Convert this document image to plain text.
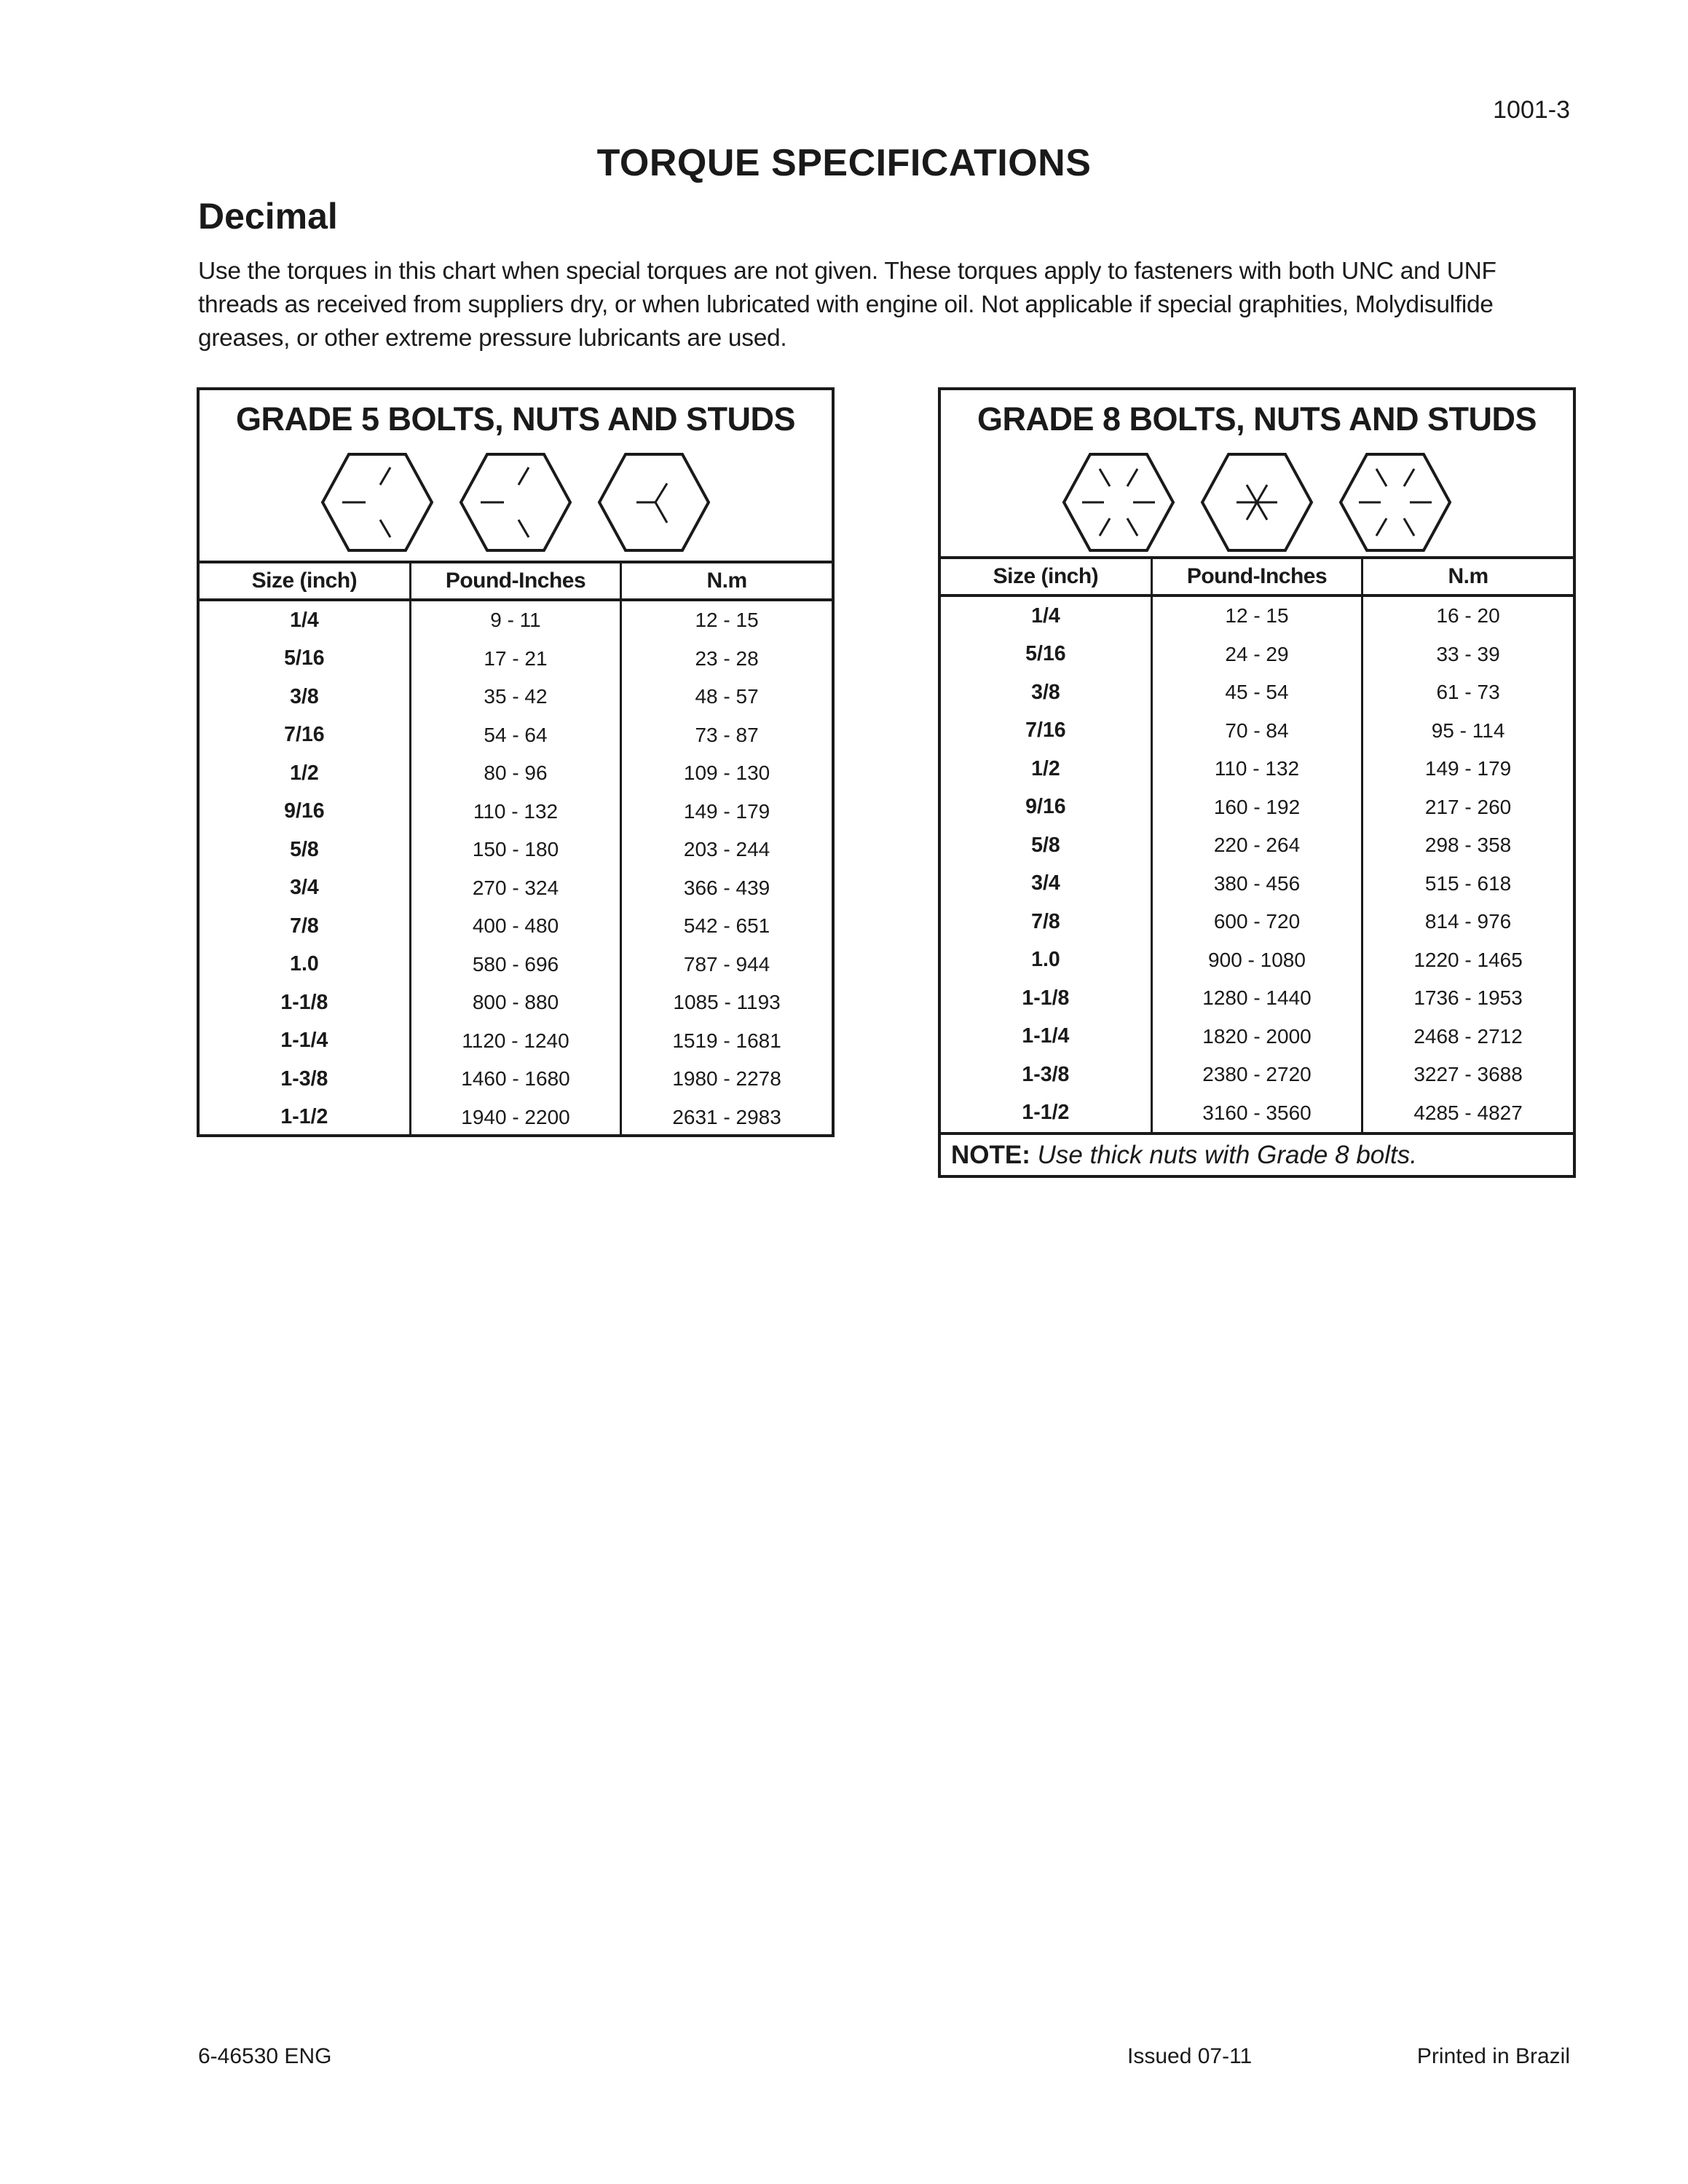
1001-3
TORQUE SPECIFICATIONS
Decimal

Use the torques in this chart when special torques are not given. These torques apply to fasteners with both UNC and UNF threads as received from suppliers dry, or when lubricated with engine oil. Not applicable if special graphities, Molydisulfide greases, or other extreme pressure lubricants are used.

GRADE 5 BOLTS, NUTS AND STUDS
Size (inch)	Pound-Inches	N.m
1/4	9 - 11	12 - 15
5/16	17 - 21	23 - 28
3/8	35 - 42	48 - 57
7/16	54 - 64	73 - 87
1/2	80 - 96	109 - 130
9/16	110 - 132	149 - 179
5/8	150 - 180	203 - 244
3/4	270 - 324	366 - 439
7/8	400 - 480	542 - 651
1.0	580 - 696	787 - 944
1-1/8	800 - 880	1085 - 1193
1-1/4	1120 - 1240	1519 - 1681
1-3/8	1460 - 1680	1980 - 2278
1-1/2	1940 - 2200	2631 - 2983
GRADE 8 BOLTS, NUTS AND STUDS
Size (inch)	Pound-Inches	N.m
1/4	12 - 15	16 - 20
5/16	24 - 29	33 - 39
3/8	45 - 54	61 - 73
7/16	70 - 84	95 - 114
1/2	110 - 132	149 - 179
9/16	160 - 192	217 - 260
5/8	220 - 264	298 - 358
3/4	380 - 456	515 - 618
7/8	600 - 720	814 - 976
1.0	900 - 1080	1220 - 1465
1-1/8	1280 - 1440	1736 - 1953
1-1/4	1820 - 2000	2468 - 2712
1-3/8	2380 - 2720	3227 - 3688
1-1/2	3160 - 3560	4285 - 4827
NOTE: Use thick nuts with Grade 8 bolts.		
6-46530 ENG	Issued 07-11	Printed in Brazil
